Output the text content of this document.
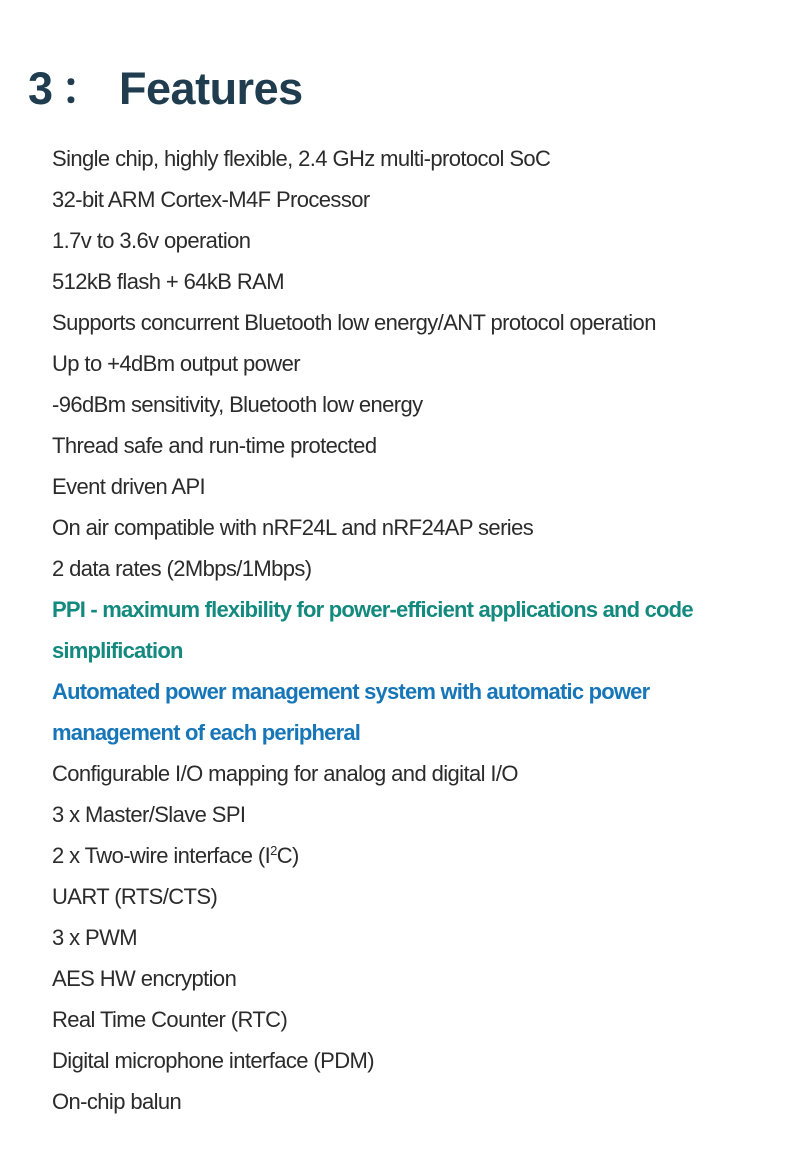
3 ： Features
Single chip, highly flexible, 2.4 GHz multi-protocol SoC
32-bit ARM Cortex-M4F Processor
1.7v to 3.6v operation
512kB flash + 64kB RAM
Supports concurrent Bluetooth low energy/ANT protocol operation
Up to +4dBm output power
-96dBm sensitivity, Bluetooth low energy
Thread safe and run-time protected
Event driven API
On air compatible with nRF24L and nRF24AP series
2 data rates (2Mbps/1Mbps)
PPI - maximum flexibility for power-efficient applications and code simplification
Automated power management system with automatic power management of each peripheral
Configurable I/O mapping for analog and digital I/O
3 x Master/Slave SPI
2 x Two-wire interface $(I^2C)$
UART (RTS/CTS)
3 x PWM
AES HW encryption
Real Time Counter (RTC)
Digital microphone interface (PDM)
On-chip balun
